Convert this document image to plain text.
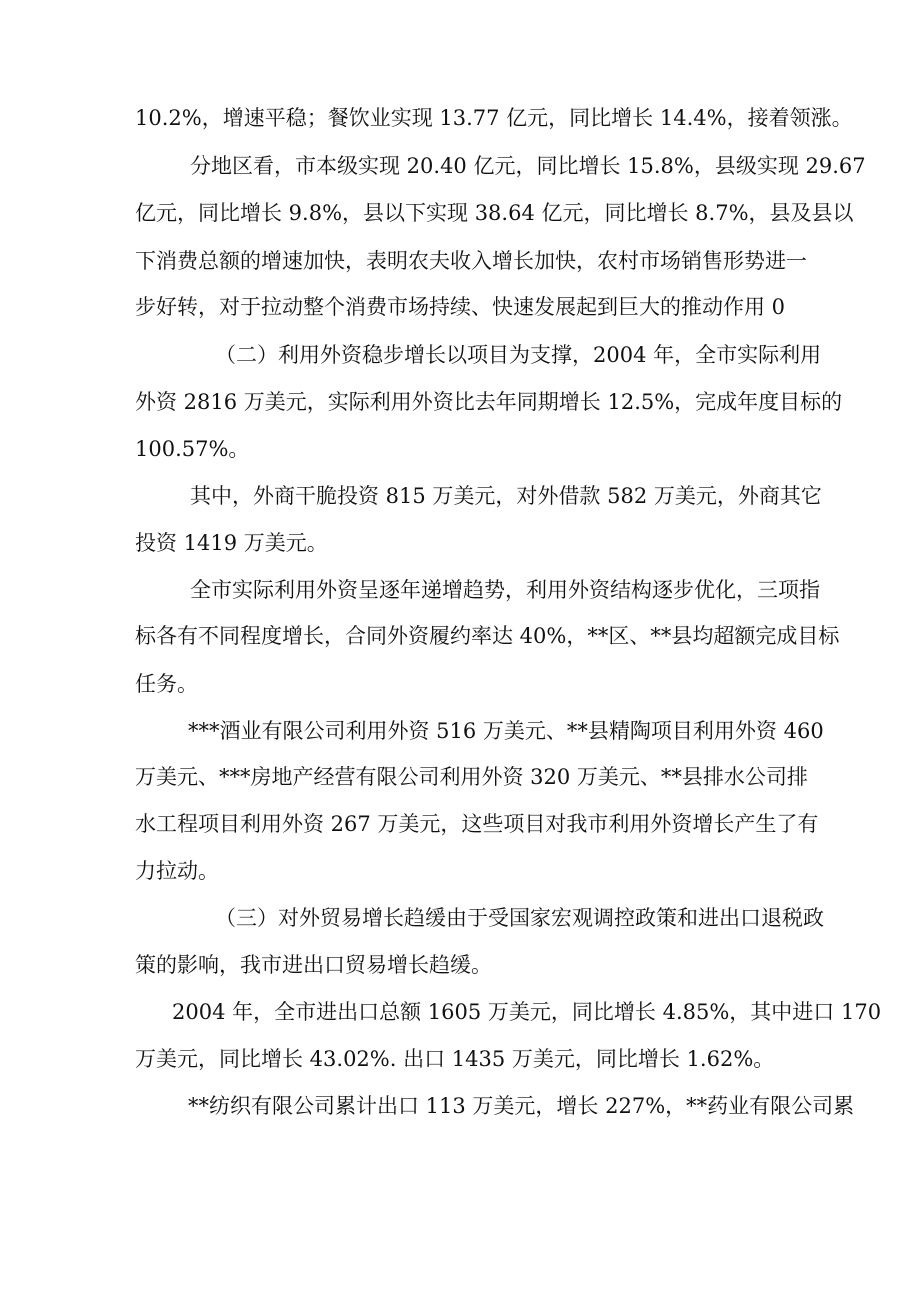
10.2%，增速平稳；餐饮业实现 13.77 亿元，同比增长 14.4%，接着领涨。
分地区看，市本级实现 20.40 亿元，同比增长 15.8%，县级实现 29.67
亿元，同比增长 9.8%，县以下实现 38.64 亿元，同比增长 8.7%，县及县以
下消费总额的增速加快，表明农夫收入增长加快，农村市场销售形势进一
步好转，对于拉动整个消费市场持续、快速发展起到巨大的推动作用 0
（二）利用外资稳步增长以项目为支撑，2004 年，全市实际利用
外资 2816 万美元，实际利用外资比去年同期增长 12.5%，完成年度目标的
100.57%。
其中，外商干脆投资 815 万美元，对外借款 582 万美元，外商其它
投资 1419 万美元。
全市实际利用外资呈逐年递增趋势，利用外资结构逐步优化，三项指
标各有不同程度增长，合同外资履约率达 40%，**区、**县均超额完成目标
任务。
***酒业有限公司利用外资 516 万美元、**县精陶项目利用外资 460
万美元、***房地产经营有限公司利用外资 320 万美元、**县排水公司排
水工程项目利用外资 267 万美元，这些项目对我市利用外资增长产生了有
力拉动。
（三）对外贸易增长趋缓由于受国家宏观调控政策和进出口退税政
策的影响，我市进出口贸易增长趋缓。
2004 年，全市进出口总额 1605 万美元，同比增长 4.85%，其中进口 170
万美元，同比增长 43.02%. 出口 1435 万美元，同比增长 1.62%。
**纺织有限公司累计出口 113 万美元，增长 227%，**药业有限公司累
